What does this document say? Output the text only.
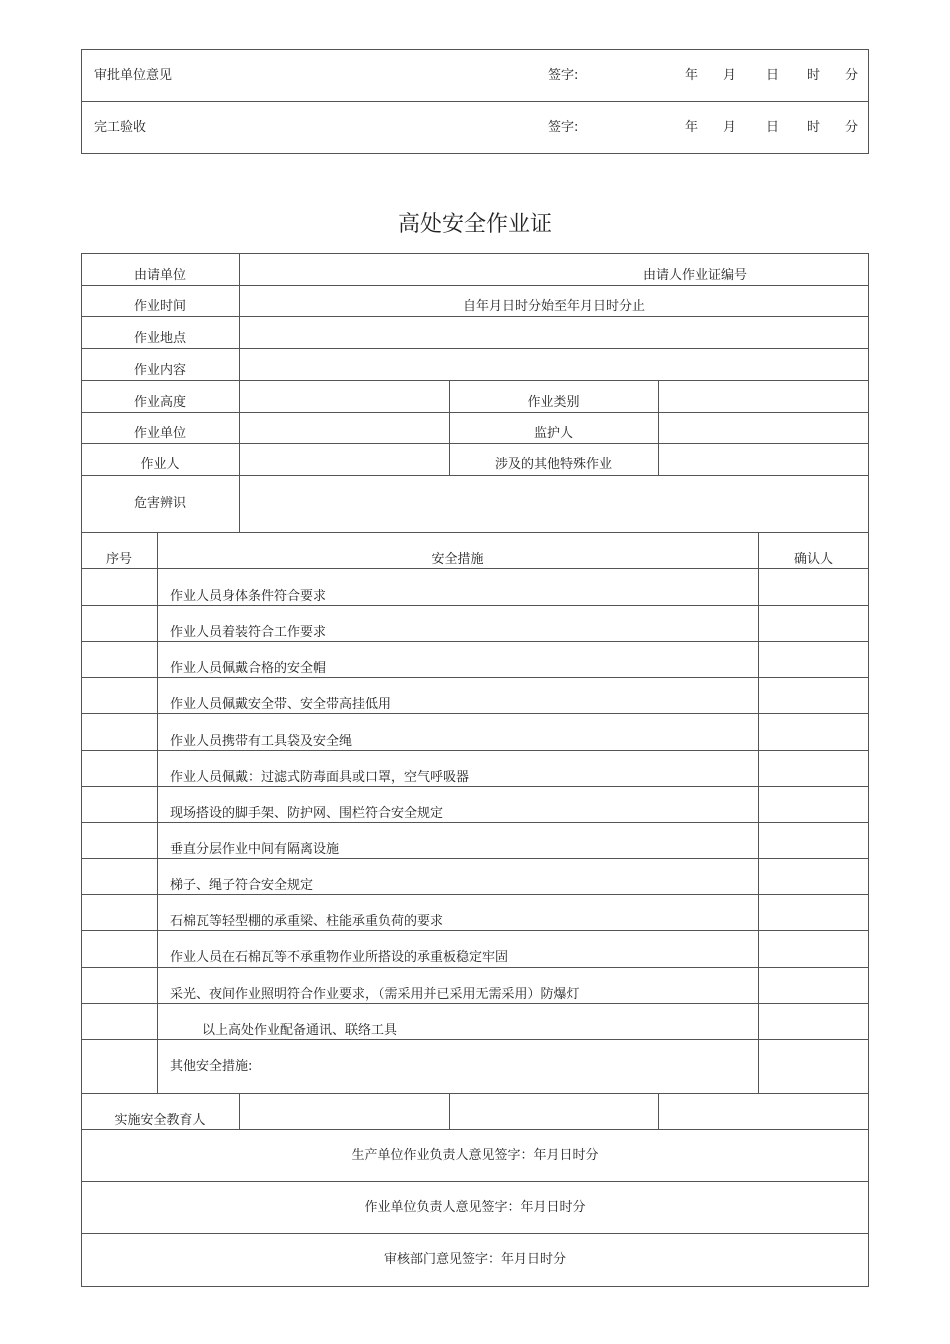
审批单位意见	签字:	年 月 日 时 分
完工验收	签字:	年 月 日 时 分
高处安全作业证
由请单位	由请人作业证编号
作业时间	自年月日时分始至年月日时分止
作业地点
作业内容
作业高度	作业类别
作业单位	监护人
作业人	涉及的其他特殊作业
危害辨识
序号	安全措施	确认人
作业人员身体条件符合要求
作业人员着装符合工作要求
作业人员佩戴合格的安全帽
作业人员佩戴安全带、安全带高挂低用
作业人员携带有工具袋及安全绳
作业人员佩戴：过滤式防毒面具或口罩，空气呼吸器
现场搭设的脚手架、防护网、围栏符合安全规定
垂直分层作业中间有隔离设施
梯子、绳子符合安全规定
石棉瓦等轻型棚的承重梁、柱能承重负荷的要求
作业人员在石棉瓦等不承重物作业所搭设的承重板稳定牢固
采光、夜间作业照明符合作业要求，（需采用并已采用无需采用）防爆灯
以上高处作业配备通讯、联络工具
其他安全措施:
实施安全教育人
生产单位作业负责人意见签字：年月日时分
作业单位负责人意见签字：年月日时分
审核部门意见签字：年月日时分
